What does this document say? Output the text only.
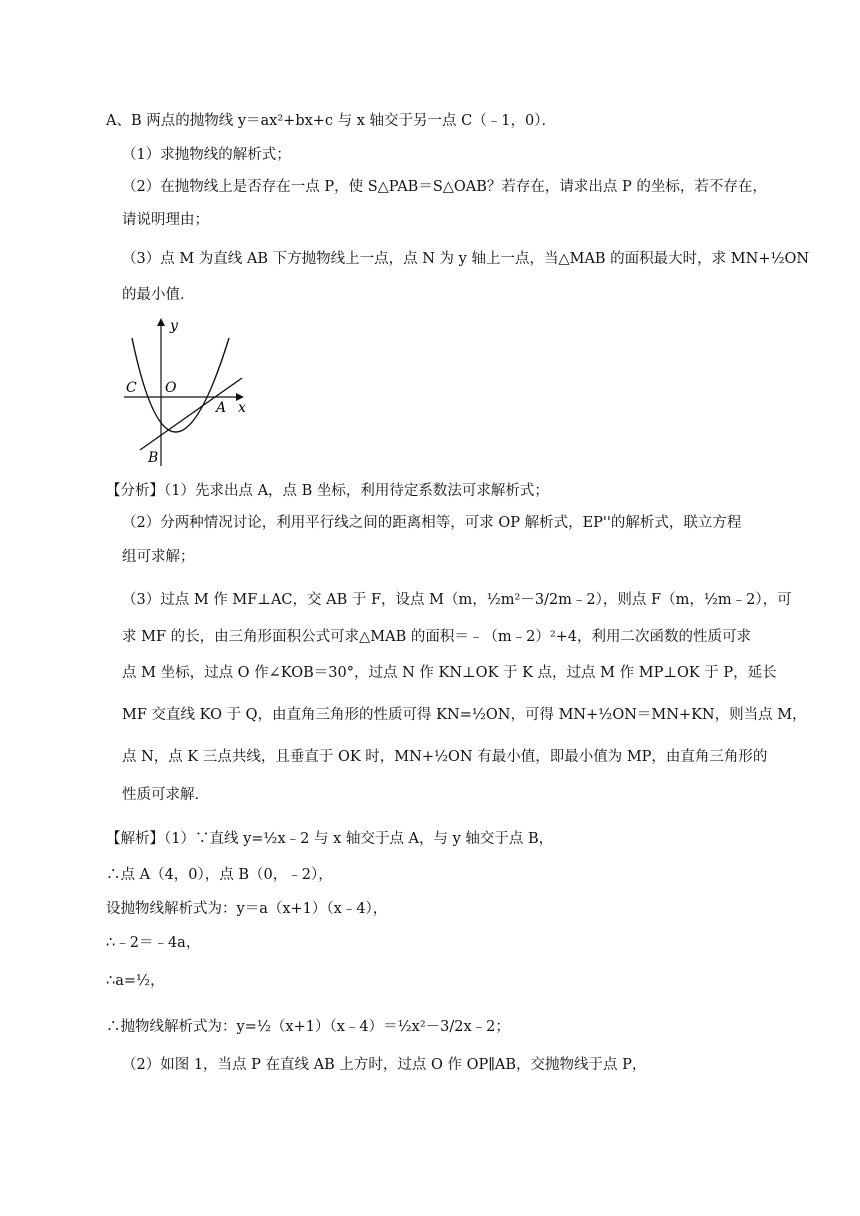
A、B 两点的抛物线 y＝ax²+bx+c 与 x 轴交于另一点 C（﹣1，0）．
（1）求抛物线的解析式；
（2）在抛物线上是否存在一点 P，使 S△PAB＝S△OAB？若存在，请求出点 P 的坐标，若不存在，
请说明理由；
（3）点 M 为直线 AB 下方抛物线上一点，点 N 为 y 轴上一点，当△MAB 的面积最大时，求 MN+½ON
的最小值．
y
x
C O
A
B
【分析】（1）先求出点 A，点 B 坐标，利用待定系数法可求解析式；
（2）分两种情况讨论，利用平行线之间的距离相等，可求 OP 解析式，EP''的解析式，联立方程
组可求解；
（3）过点 M 作 MF⊥AC，交 AB 于 F，设点 M（m，½m²－3/2m﹣2），则点 F（m，½m﹣2），可
求 MF 的长，由三角形面积公式可求△MAB 的面积＝﹣（m﹣2）²+4，利用二次函数的性质可求
点 M 坐标，过点 O 作∠KOB＝30°，过点 N 作 KN⊥OK 于 K 点，过点 M 作 MP⊥OK 于 P，延长
MF 交直线 KO 于 Q，由直角三角形的性质可得 KN=½ON，可得 MN+½ON＝MN+KN，则当点 M，
点 N，点 K 三点共线，且垂直于 OK 时，MN+½ON 有最小值，即最小值为 MP，由直角三角形的
性质可求解．
【解析】（1）∵直线 y=½x﹣2 与 x 轴交于点 A，与 y 轴交于点 B，
∴点 A（4，0），点 B（0，﹣2），
设抛物线解析式为：y＝a（x+1）（x﹣4），
∴﹣2＝﹣4a，
∴a=½，
∴抛物线解析式为：y=½（x+1）（x﹣4）＝½x²－3/2x﹣2；
（2）如图 1，当点 P 在直线 AB 上方时，过点 O 作 OP∥AB，交抛物线于点 P，
